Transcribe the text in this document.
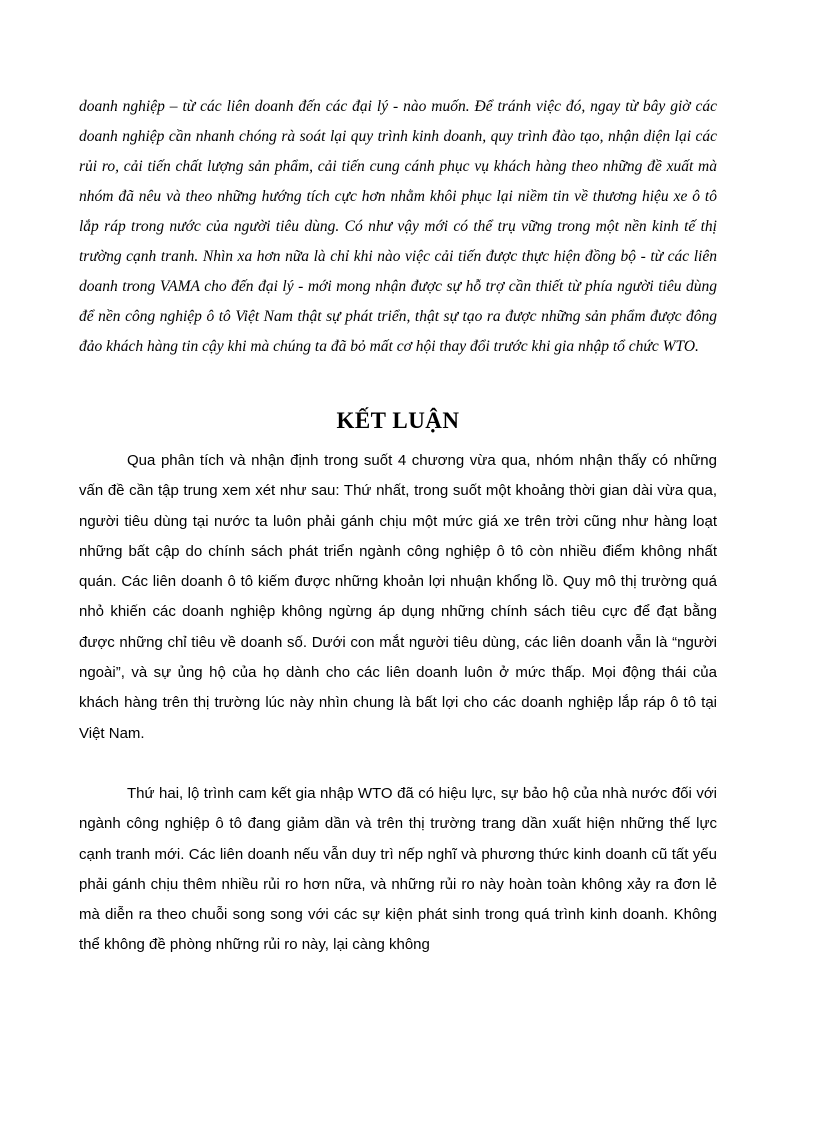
doanh nghiệp – từ các liên doanh đến các đại lý - nào muốn. Để tránh việc đó, ngay từ bây giờ các doanh nghiệp cần nhanh chóng rà soát lại quy trình kinh doanh, quy trình đào tạo, nhận diện lại các rủi ro, cải tiến chất lượng sản phẩm, cải tiến cung cánh phục vụ khách hàng theo những đề xuất mà nhóm đã nêu và theo những hướng tích cực hơn nhằm khôi phục lại niềm tin về thương hiệu xe ô tô lắp ráp trong nước của người tiêu dùng. Có như vậy mới có thể trụ vững trong một nền kinh tế thị trường cạnh tranh. Nhìn xa hơn nữa là chỉ khi nào việc cải tiến được thực hiện đồng bộ - từ các liên doanh trong VAMA cho đến đại lý - mới mong nhận được sự hỗ trợ cần thiết từ phía người tiêu dùng để nền công nghiệp ô tô Việt Nam thật sự phát triển, thật sự tạo ra được những sản phẩm được đông đảo khách hàng tin cậy khi mà chúng ta đã bỏ mất cơ hội thay đổi trước khi gia nhập tổ chức WTO.

KẾT LUẬN

Qua phân tích và nhận định trong suốt 4 chương vừa qua, nhóm nhận thấy có những vấn đề cần tập trung xem xét như sau: Thứ nhất, trong suốt một khoảng thời gian dài vừa qua, người tiêu dùng tại nước ta luôn phải gánh chịu một mức giá xe trên trời cũng như hàng loạt những bất cập do chính sách phát triển ngành công nghiệp ô tô còn nhiều điểm không nhất quán. Các liên doanh ô tô kiếm được những khoản lợi nhuận khổng lồ. Quy mô thị trường quá nhỏ khiến các doanh nghiệp không ngừng áp dụng những chính sách tiêu cực để đạt bằng được những chỉ tiêu về doanh số. Dưới con mắt người tiêu dùng, các liên doanh vẫn là “người ngoài”, và sự ủng hộ của họ dành cho các liên doanh luôn ở mức thấp. Mọi động thái của khách hàng trên thị trường lúc này nhìn chung là bất lợi cho các doanh nghiệp lắp ráp ô tô tại Việt Nam.

Thứ hai, lộ trình cam kết gia nhập WTO đã có hiệu lực, sự bảo hộ của nhà nước đối với ngành công nghiệp ô tô đang giảm dần và trên thị trường trang dần xuất hiện những thế lực cạnh tranh mới. Các liên doanh nếu vẫn duy trì nếp nghĩ và phương thức kinh doanh cũ tất yếu phải gánh chịu thêm nhiều rủi ro hơn nữa, và những rủi ro này hoàn toàn không xảy ra đơn lẻ mà diễn ra theo chuỗi song song với các sự kiện phát sinh trong quá trình kinh doanh. Không thể không đề phòng những rủi ro này, lại càng không
